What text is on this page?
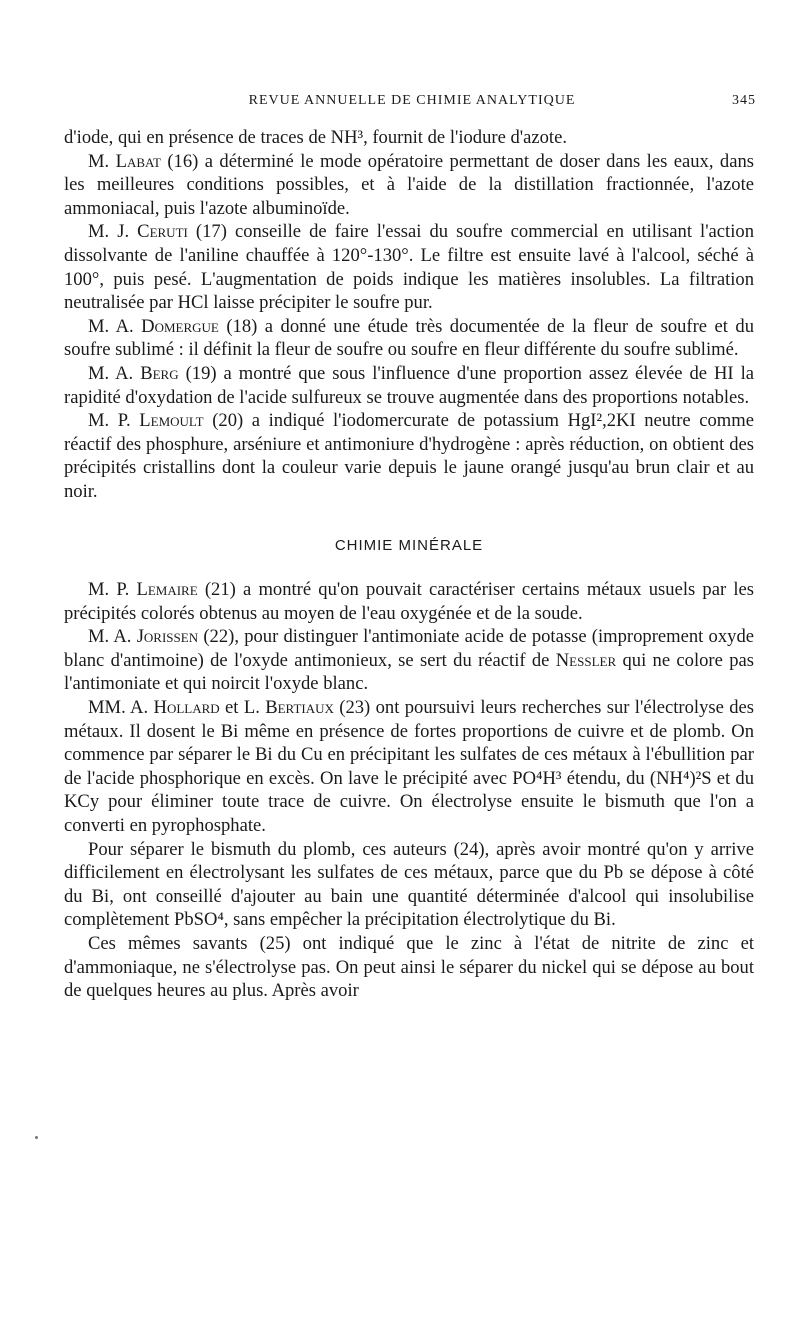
REVUE ANNUELLE DE CHIMIE ANALYTIQUE	345

d'iode, qui en présence de traces de NH³, fournit de l'iodure d'azote.

M. Labat (16) a déterminé le mode opératoire permettant de doser dans les eaux, dans les meilleures conditions possibles, et à l'aide de la distillation fractionnée, l'azote ammoniacal, puis l'azote albuminoïde.

M. J. Ceruti (17) conseille de faire l'essai du soufre commercial en utilisant l'action dissolvante de l'aniline chauffée à 120°-130°. Le filtre est ensuite lavé à l'alcool, séché à 100°, puis pesé. L'augmentation de poids indique les matières insolubles. La filtration neutralisée par HCl laisse précipiter le soufre pur.

M. A. Domergue (18) a donné une étude très documentée de la fleur de soufre et du soufre sublimé : il définit la fleur de soufre ou soufre en fleur différente du soufre sublimé.

M. A. Berg (19) a montré que sous l'influence d'une proportion assez élevée de HI la rapidité d'oxydation de l'acide sulfureux se trouve augmentée dans des proportions notables.

M. P. Lemoult (20) a indiqué l'iodomercurate de potassium HgI²,2KI neutre comme réactif des phosphure, arséniure et antimoniure d'hydrogène : après réduction, on obtient des précipités cristallins dont la couleur varie depuis le jaune orangé jusqu'au brun clair et au noir.

CHIMIE MINÉRALE

M. P. Lemaire (21) a montré qu'on pouvait caractériser certains métaux usuels par les précipités colorés obtenus au moyen de l'eau oxygénée et de la soude.

M. A. Jorissen (22), pour distinguer l'antimoniate acide de potasse (improprement oxyde blanc d'antimoine) de l'oxyde antimonieux, se sert du réactif de Nessler qui ne colore pas l'antimoniate et qui noircit l'oxyde blanc.

MM. A. Hollard et L. Bertiaux (23) ont poursuivi leurs recherches sur l'électrolyse des métaux. Il dosent le Bi même en présence de fortes proportions de cuivre et de plomb. On commence par séparer le Bi du Cu en précipitant les sulfates de ces métaux à l'ébullition par de l'acide phosphorique en excès. On lave le précipité avec PO⁴H³ étendu, du (NH⁴)²S et du KCy pour éliminer toute trace de cuivre. On électrolyse ensuite le bismuth que l'on a converti en pyrophosphate.

Pour séparer le bismuth du plomb, ces auteurs (24), après avoir montré qu'on y arrive difficilement en électrolysant les sulfates de ces métaux, parce que du Pb se dépose à côté du Bi, ont conseillé d'ajouter au bain une quantité déterminée d'alcool qui insolubilise complètement PbSO⁴, sans empêcher la précipitation électrolytique du Bi.

Ces mêmes savants (25) ont indiqué que le zinc à l'état de nitrite de zinc et d'ammoniaque, ne s'électrolyse pas. On peut ainsi le séparer du nickel qui se dépose au bout de quelques heures au plus. Après avoir
